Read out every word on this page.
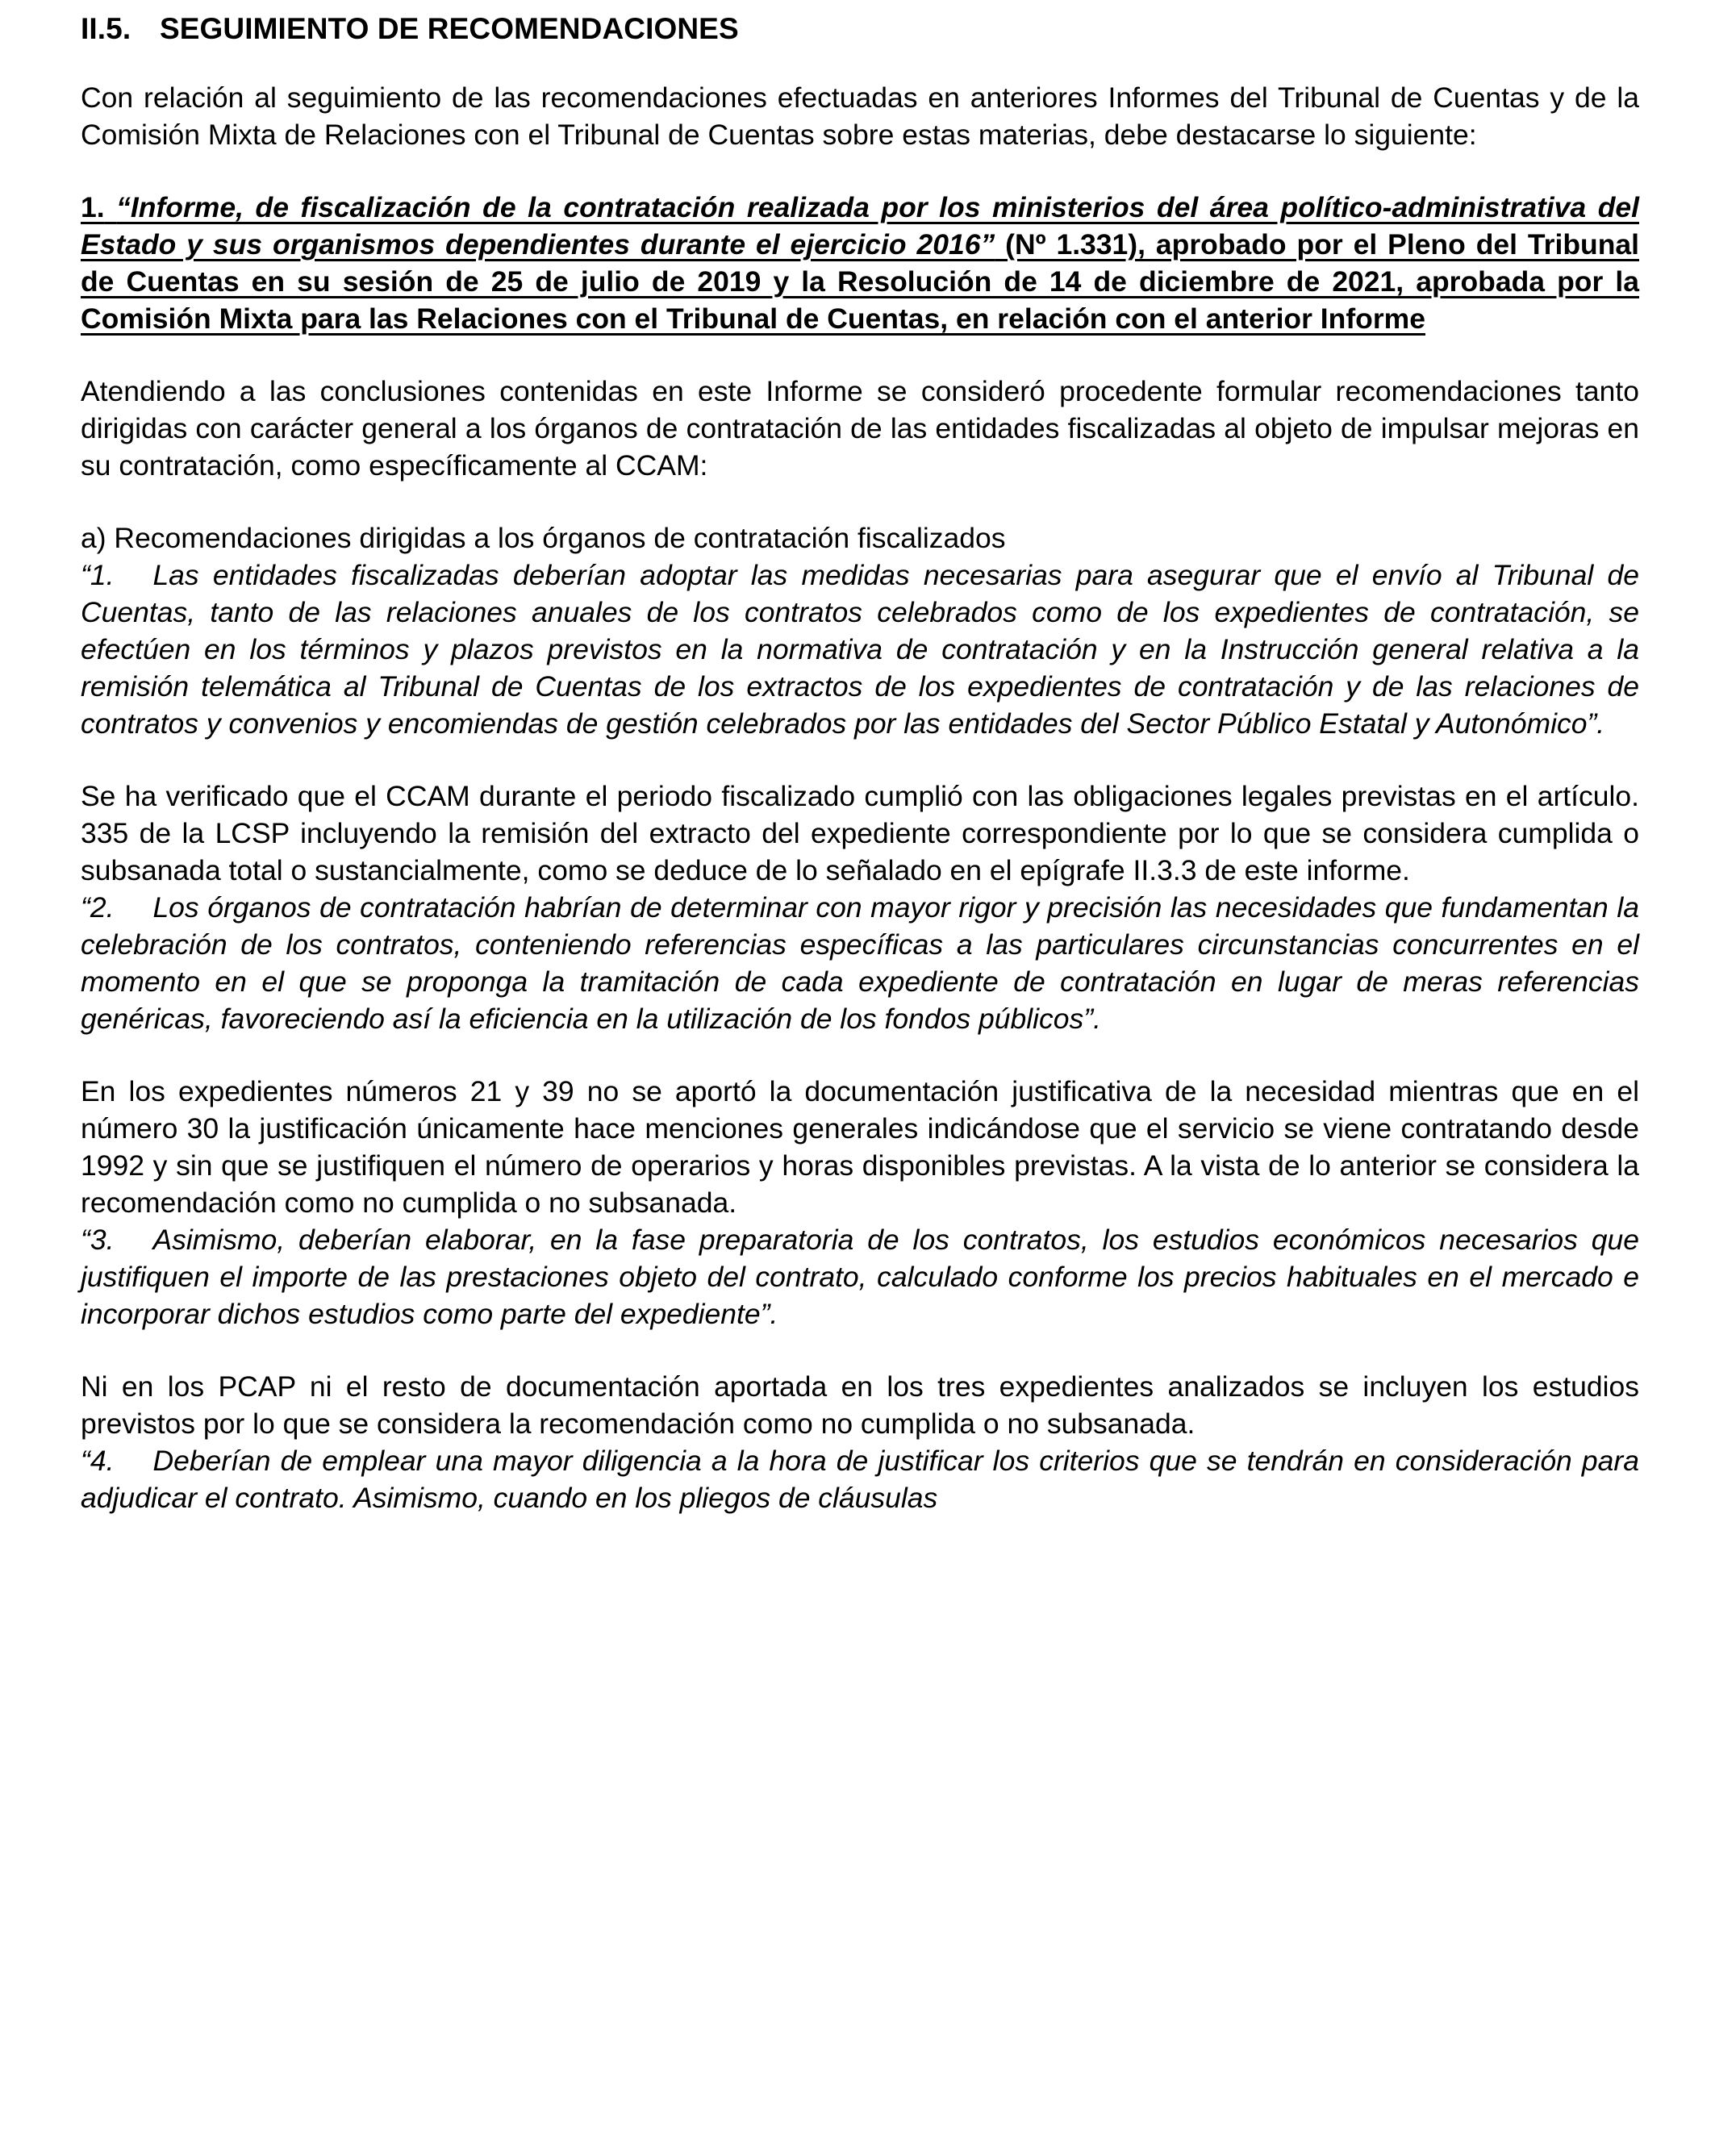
II.5. SEGUIMIENTO DE RECOMENDACIONES

Con relación al seguimiento de las recomendaciones efectuadas en anteriores Informes del Tribunal de Cuentas y de la Comisión Mixta de Relaciones con el Tribunal de Cuentas sobre estas materias, debe destacarse lo siguiente:

1. “Informe, de fiscalización de la contratación realizada por los ministerios del área político-administrativa del Estado y sus organismos dependientes durante el ejercicio 2016” (Nº 1.331), aprobado por el Pleno del Tribunal de Cuentas en su sesión de 25 de julio de 2019 y la Resolución de 14 de diciembre de 2021, aprobada por la Comisión Mixta para las Relaciones con el Tribunal de Cuentas, en relación con el anterior Informe

Atendiendo a las conclusiones contenidas en este Informe se consideró procedente formular recomendaciones tanto dirigidas con carácter general a los órganos de contratación de las entidades fiscalizadas al objeto de impulsar mejoras en su contratación, como específicamente al CCAM:

a) Recomendaciones dirigidas a los órganos de contratación fiscalizados

“1. Las entidades fiscalizadas deberían adoptar las medidas necesarias para asegurar que el envío al Tribunal de Cuentas, tanto de las relaciones anuales de los contratos celebrados como de los expedientes de contratación, se efectúen en los términos y plazos previstos en la normativa de contratación y en la Instrucción general relativa a la remisión telemática al Tribunal de Cuentas de los extractos de los expedientes de contratación y de las relaciones de contratos y convenios y encomiendas de gestión celebrados por las entidades del Sector Público Estatal y Autonómico”.

Se ha verificado que el CCAM durante el periodo fiscalizado cumplió con las obligaciones legales previstas en el artículo. 335 de la LCSP incluyendo la remisión del extracto del expediente correspondiente por lo que se considera cumplida o subsanada total o sustancialmente, como se deduce de lo señalado en el epígrafe II.3.3 de este informe.

“2. Los órganos de contratación habrían de determinar con mayor rigor y precisión las necesidades que fundamentan la celebración de los contratos, conteniendo referencias específicas a las particulares circunstancias concurrentes en el momento en el que se proponga la tramitación de cada expediente de contratación en lugar de meras referencias genéricas, favoreciendo así la eficiencia en la utilización de los fondos públicos”.

En los expedientes números 21 y 39 no se aportó la documentación justificativa de la necesidad mientras que en el número 30 la justificación únicamente hace menciones generales indicándose que el servicio se viene contratando desde 1992 y sin que se justifiquen el número de operarios y horas disponibles previstas. A la vista de lo anterior se considera la recomendación como no cumplida o no subsanada.

“3. Asimismo, deberían elaborar, en la fase preparatoria de los contratos, los estudios económicos necesarios que justifiquen el importe de las prestaciones objeto del contrato, calculado conforme los precios habituales en el mercado e incorporar dichos estudios como parte del expediente”.

Ni en los PCAP ni el resto de documentación aportada en los tres expedientes analizados se incluyen los estudios previstos por lo que se considera la recomendación como no cumplida o no subsanada.

“4. Deberían de emplear una mayor diligencia a la hora de justificar los criterios que se tendrán en consideración para adjudicar el contrato. Asimismo, cuando en los pliegos de cláusulas
